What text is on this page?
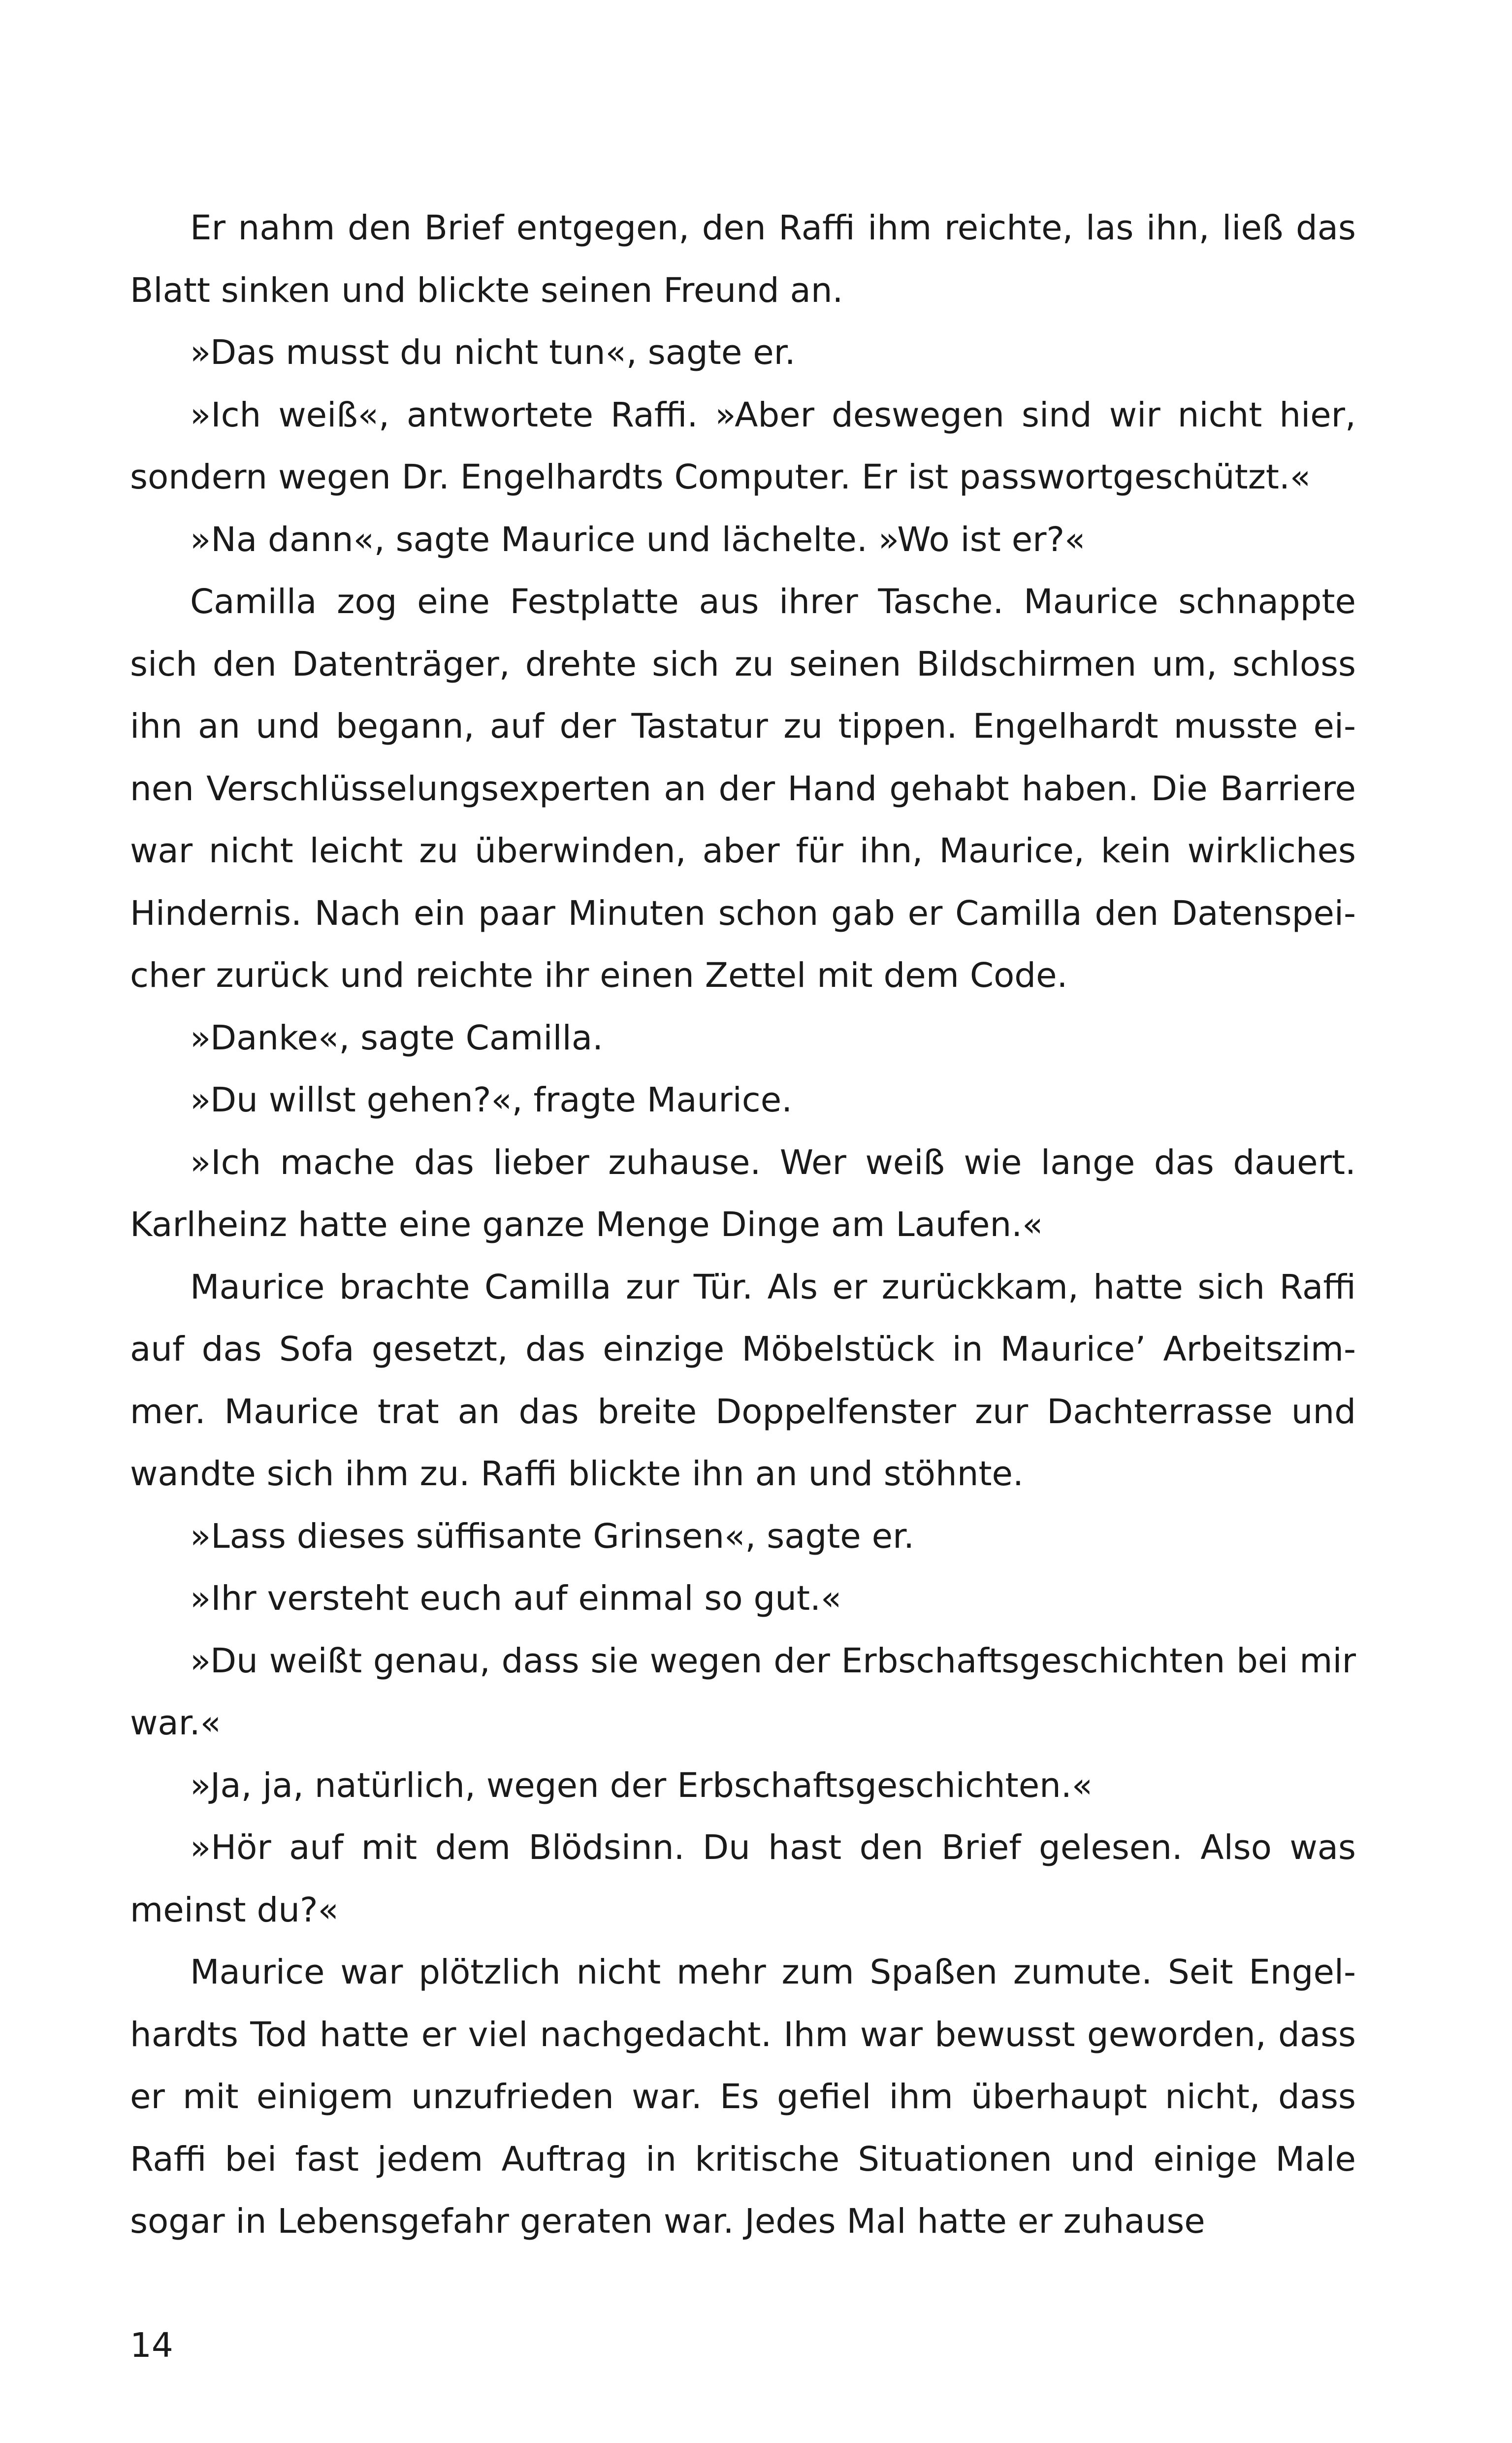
Er nahm den Brief entgegen, den Raffi ihm reichte, las ihn, ließ das Blatt sinken und blickte seinen Freund an.

»Das musst du nicht tun«, sagte er.

»Ich weiß«, antwortete Raffi. »Aber deswegen sind wir nicht hier, sondern wegen Dr. Engelhardts Computer. Er ist passwortgeschützt.«

»Na dann«, sagte Maurice und lächelte. »Wo ist er?«

Camilla zog eine Festplatte aus ihrer Tasche. Maurice schnappte sich den Datenträger, drehte sich zu seinen Bildschirmen um, schloss ihn an und begann, auf der Tastatur zu tippen. Engelhardt musste einen Verschlüsselungsexperten an der Hand gehabt haben. Die Barriere war nicht leicht zu überwinden, aber für ihn, Maurice, kein wirkliches Hindernis. Nach ein paar Minuten schon gab er Camilla den Datenspeicher zurück und reichte ihr einen Zettel mit dem Code.

»Danke«, sagte Camilla.

»Du willst gehen?«, fragte Maurice.

»Ich mache das lieber zuhause. Wer weiß wie lange das dauert. Karlheinz hatte eine ganze Menge Dinge am Laufen.«

Maurice brachte Camilla zur Tür. Als er zurückkam, hatte sich Raffi auf das Sofa gesetzt, das einzige Möbelstück in Maurice’ Arbeitszimmer. Maurice trat an das breite Doppelfenster zur Dachterrasse und wandte sich ihm zu. Raffi blickte ihn an und stöhnte.

»Lass dieses süffisante Grinsen«, sagte er.

»Ihr versteht euch auf einmal so gut.«

»Du weißt genau, dass sie wegen der Erbschaftsgeschichten bei mir war.«

»Ja, ja, natürlich, wegen der Erbschaftsgeschichten.«

»Hör auf mit dem Blödsinn. Du hast den Brief gelesen. Also was meinst du?«

Maurice war plötzlich nicht mehr zum Spaßen zumute. Seit Engelhardts Tod hatte er viel nachgedacht. Ihm war bewusst geworden, dass er mit einigem unzufrieden war. Es gefiel ihm überhaupt nicht, dass Raffi bei fast jedem Auftrag in kritische Situationen und einige Male sogar in Lebensgefahr geraten war. Jedes Mal hatte er zuhause

14
